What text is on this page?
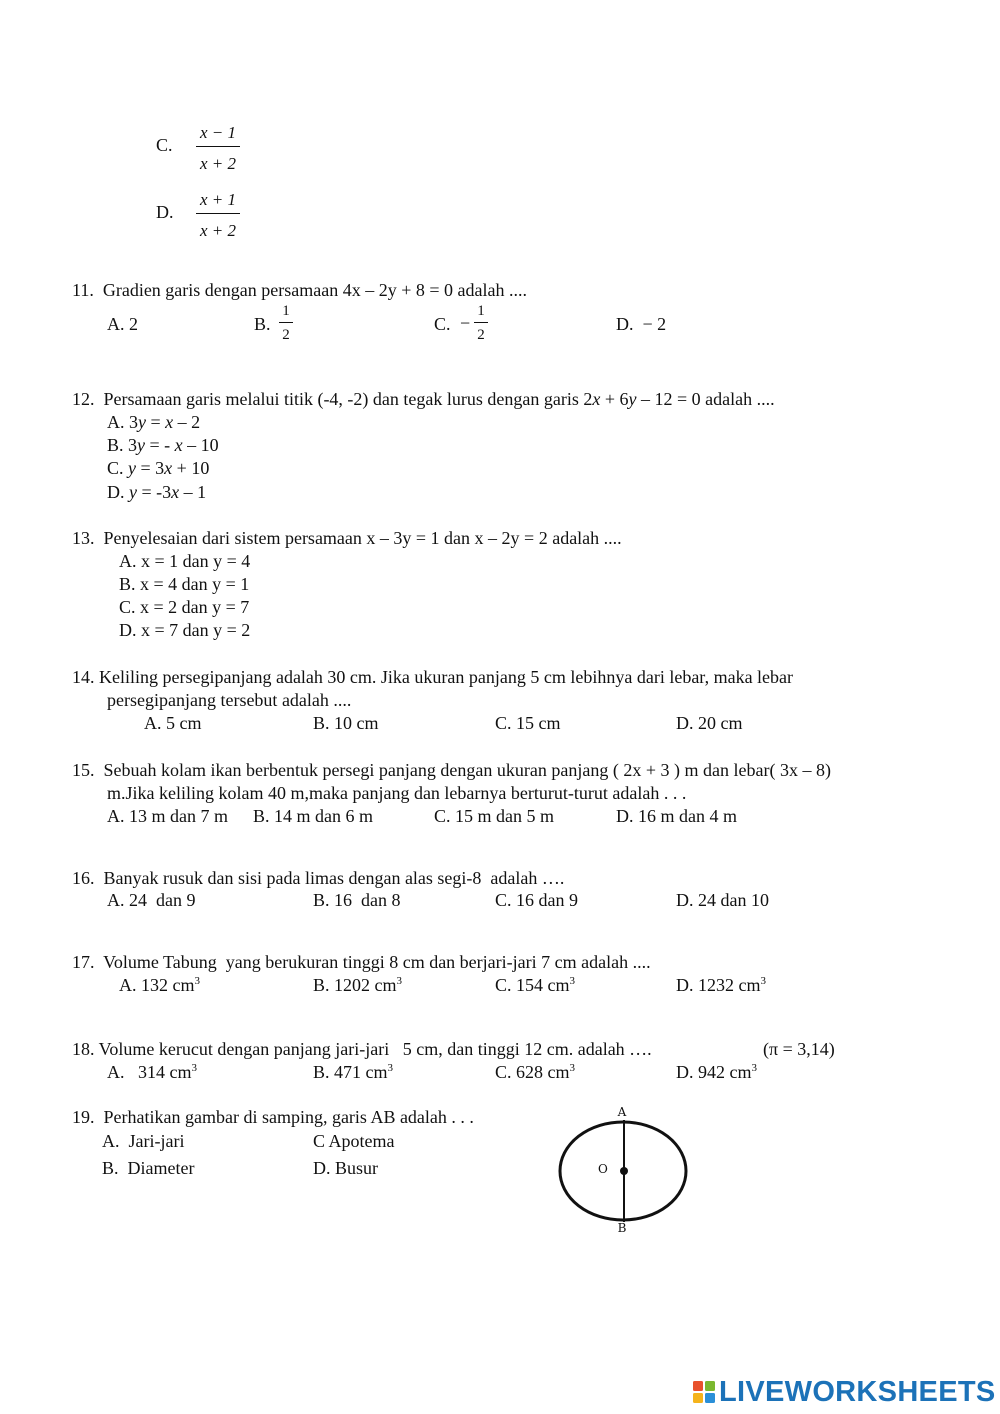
C. $\frac{x - 1}{x + 2}$
D. $\frac{x + 1}{x + 2}$
11.  Gradien garis dengan persamaan 4x – 2y + 8 = 0 adalah ....
A. 2	B. $\frac{1}{2}$	C. − $\frac{1}{2}$	D.  − 2
12.  Persamaan garis melalui titik (-4, -2) dan tegak lurus dengan garis 2x + 6y – 12 = 0 adalah ....
A. 3y = x – 2
B. 3y = - x – 10
C. y = 3x + 10
D. y = -3x – 1
13.  Penyelesaian dari sistem persamaan x – 3y = 1 dan x – 2y = 2 adalah ....
A. x = 1 dan y = 4
B. x = 4 dan y = 1
C. x = 2 dan y = 7
D. x = 7 dan y = 2
14. Keliling persegipanjang adalah 30 cm. Jika ukuran panjang 5 cm lebihnya dari lebar, maka lebar
persegipanjang tersebut adalah ....
A. 5 cm	B. 10 cm	C. 15 cm	D. 20 cm
15.  Sebuah kolam ikan berbentuk persegi panjang dengan ukuran panjang ( 2x + 3 ) m dan lebar( 3x – 8)
m.Jika keliling kolam 40 m,maka panjang dan lebarnya berturut-turut adalah . . .
A. 13 m dan 7 m B. 14 m dan 6 m	C. 15 m dan 5 m	D. 16 m dan 4 m
16.  Banyak rusuk dan sisi pada limas dengan alas segi-8  adalah ….
A. 24  dan 9	B. 16  dan 8	C. 16 dan 9	D. 24 dan 10
17.  Volume Tabung  yang berukuran tinggi 8 cm dan berjari-jari 7 cm adalah ....
A. 132 $cm^3$	B. 1202 $cm^3$	C. 154 $cm^3$	D. 1232 $cm^3$
18. Volume kerucut dengan panjang jari-jari   5 cm, dan tinggi 12 cm. adalah ….	(π = 3,14)
A.   314 $cm^3$	B. 471 $cm^3$	C. 628 $cm^3$	D. 942 $cm^3$
19.  Perhatikan gambar di samping, garis AB adalah . . .
A.  Jari-jari	C Apotema
B.  Diameter	D. Busur
A
O
B
LIVEWORKSHEETS
